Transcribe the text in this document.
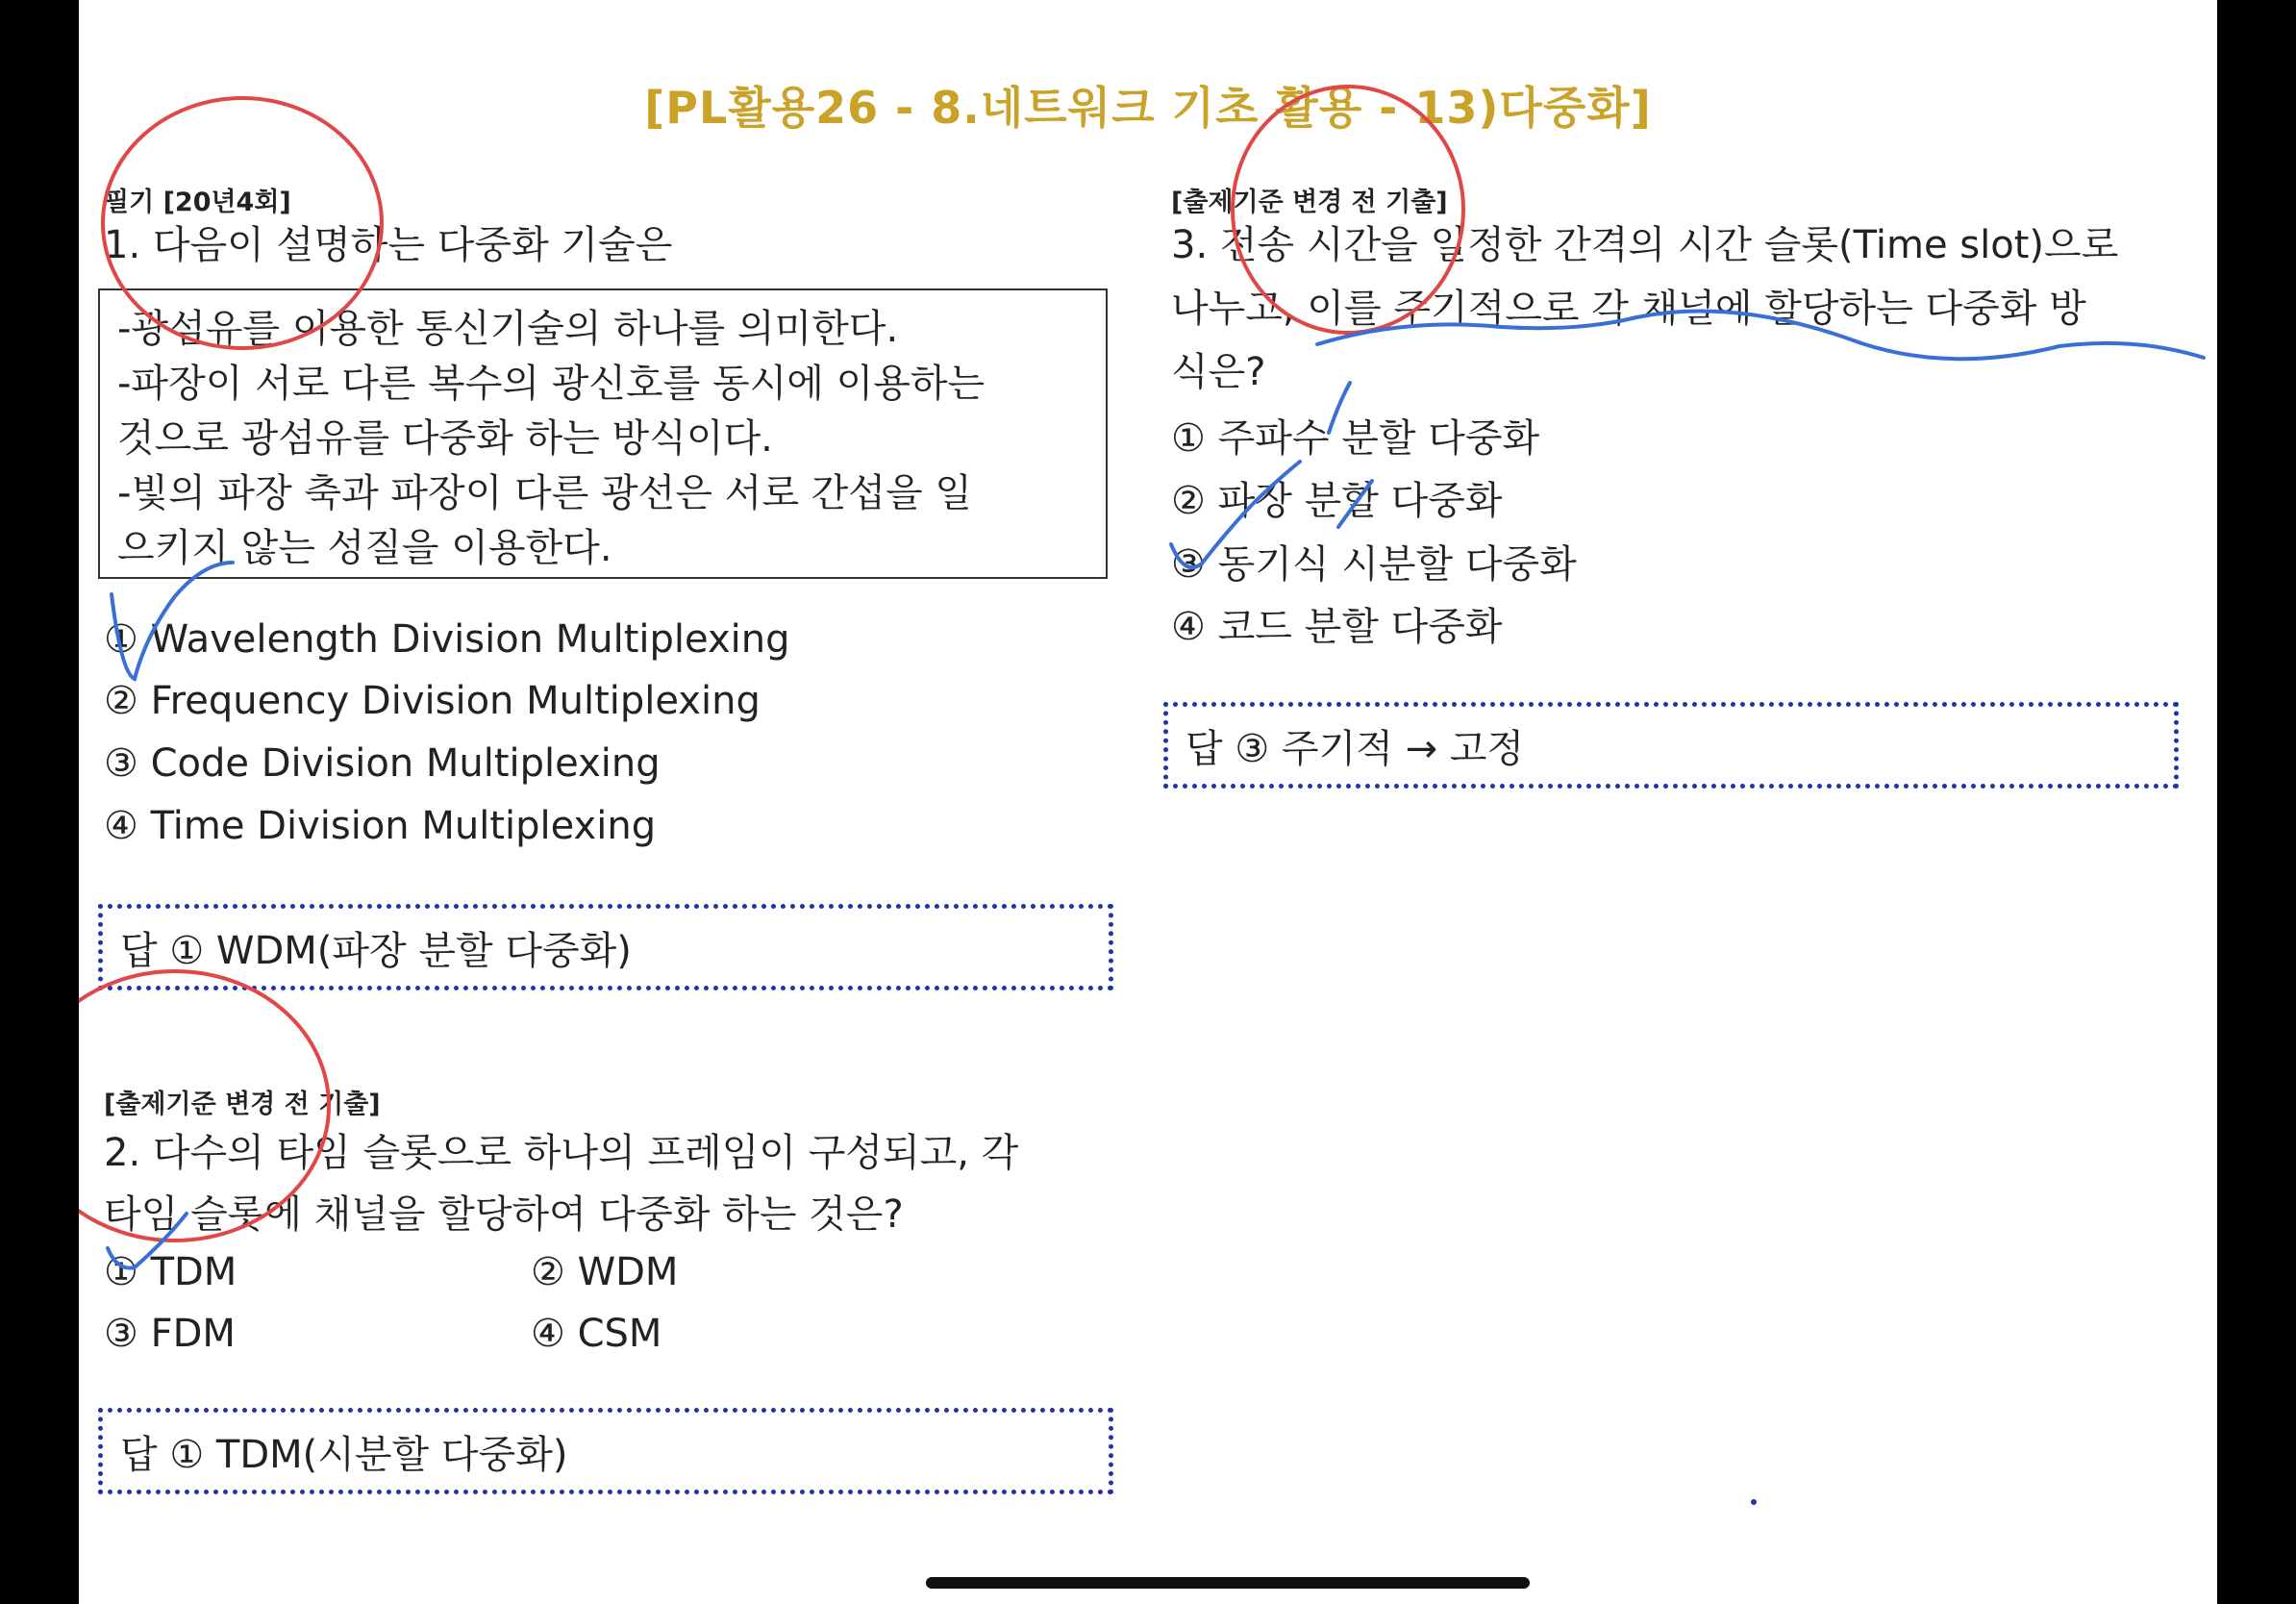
[PL활용26 - 8.네트워크 기초 활용 - 13)다중화]
필기 [20년4회]
1. 다음이 설명하는 다중화 기술은
-광섬유를 이용한 통신기술의 하나를 의미한다.
-파장이 서로 다른 복수의 광신호를 동시에 이용하는
것으로 광섬유를 다중화 하는 방식이다.
-빛의 파장 축과 파장이 다른 광선은 서로 간섭을 일
으키지 않는 성질을 이용한다.
① Wavelength Division Multiplexing
② Frequency Division Multiplexing
③ Code Division Multiplexing
④ Time Division Multiplexing
답 ① WDM(파장 분할 다중화)
[출제기준 변경 전 기출]
2. 다수의 타임 슬롯으로 하나의 프레임이 구성되고, 각
타임 슬롯에 채널을 할당하여 다중화 하는 것은?
① TDM	② WDM
③ FDM	④ CSM
답 ① TDM(시분할 다중화)
[출제기준 변경 전 기출]
3. 전송 시간을 일정한 간격의 시간 슬롯(Time slot)으로
나누고, 이를 주기적으로 각 채널에 할당하는 다중화 방
식은?
① 주파수 분할 다중화
② 파장 분할 다중화
③ 동기식 시분할 다중화
④ 코드 분할 다중화
답 ③ 주기적 → 고정
